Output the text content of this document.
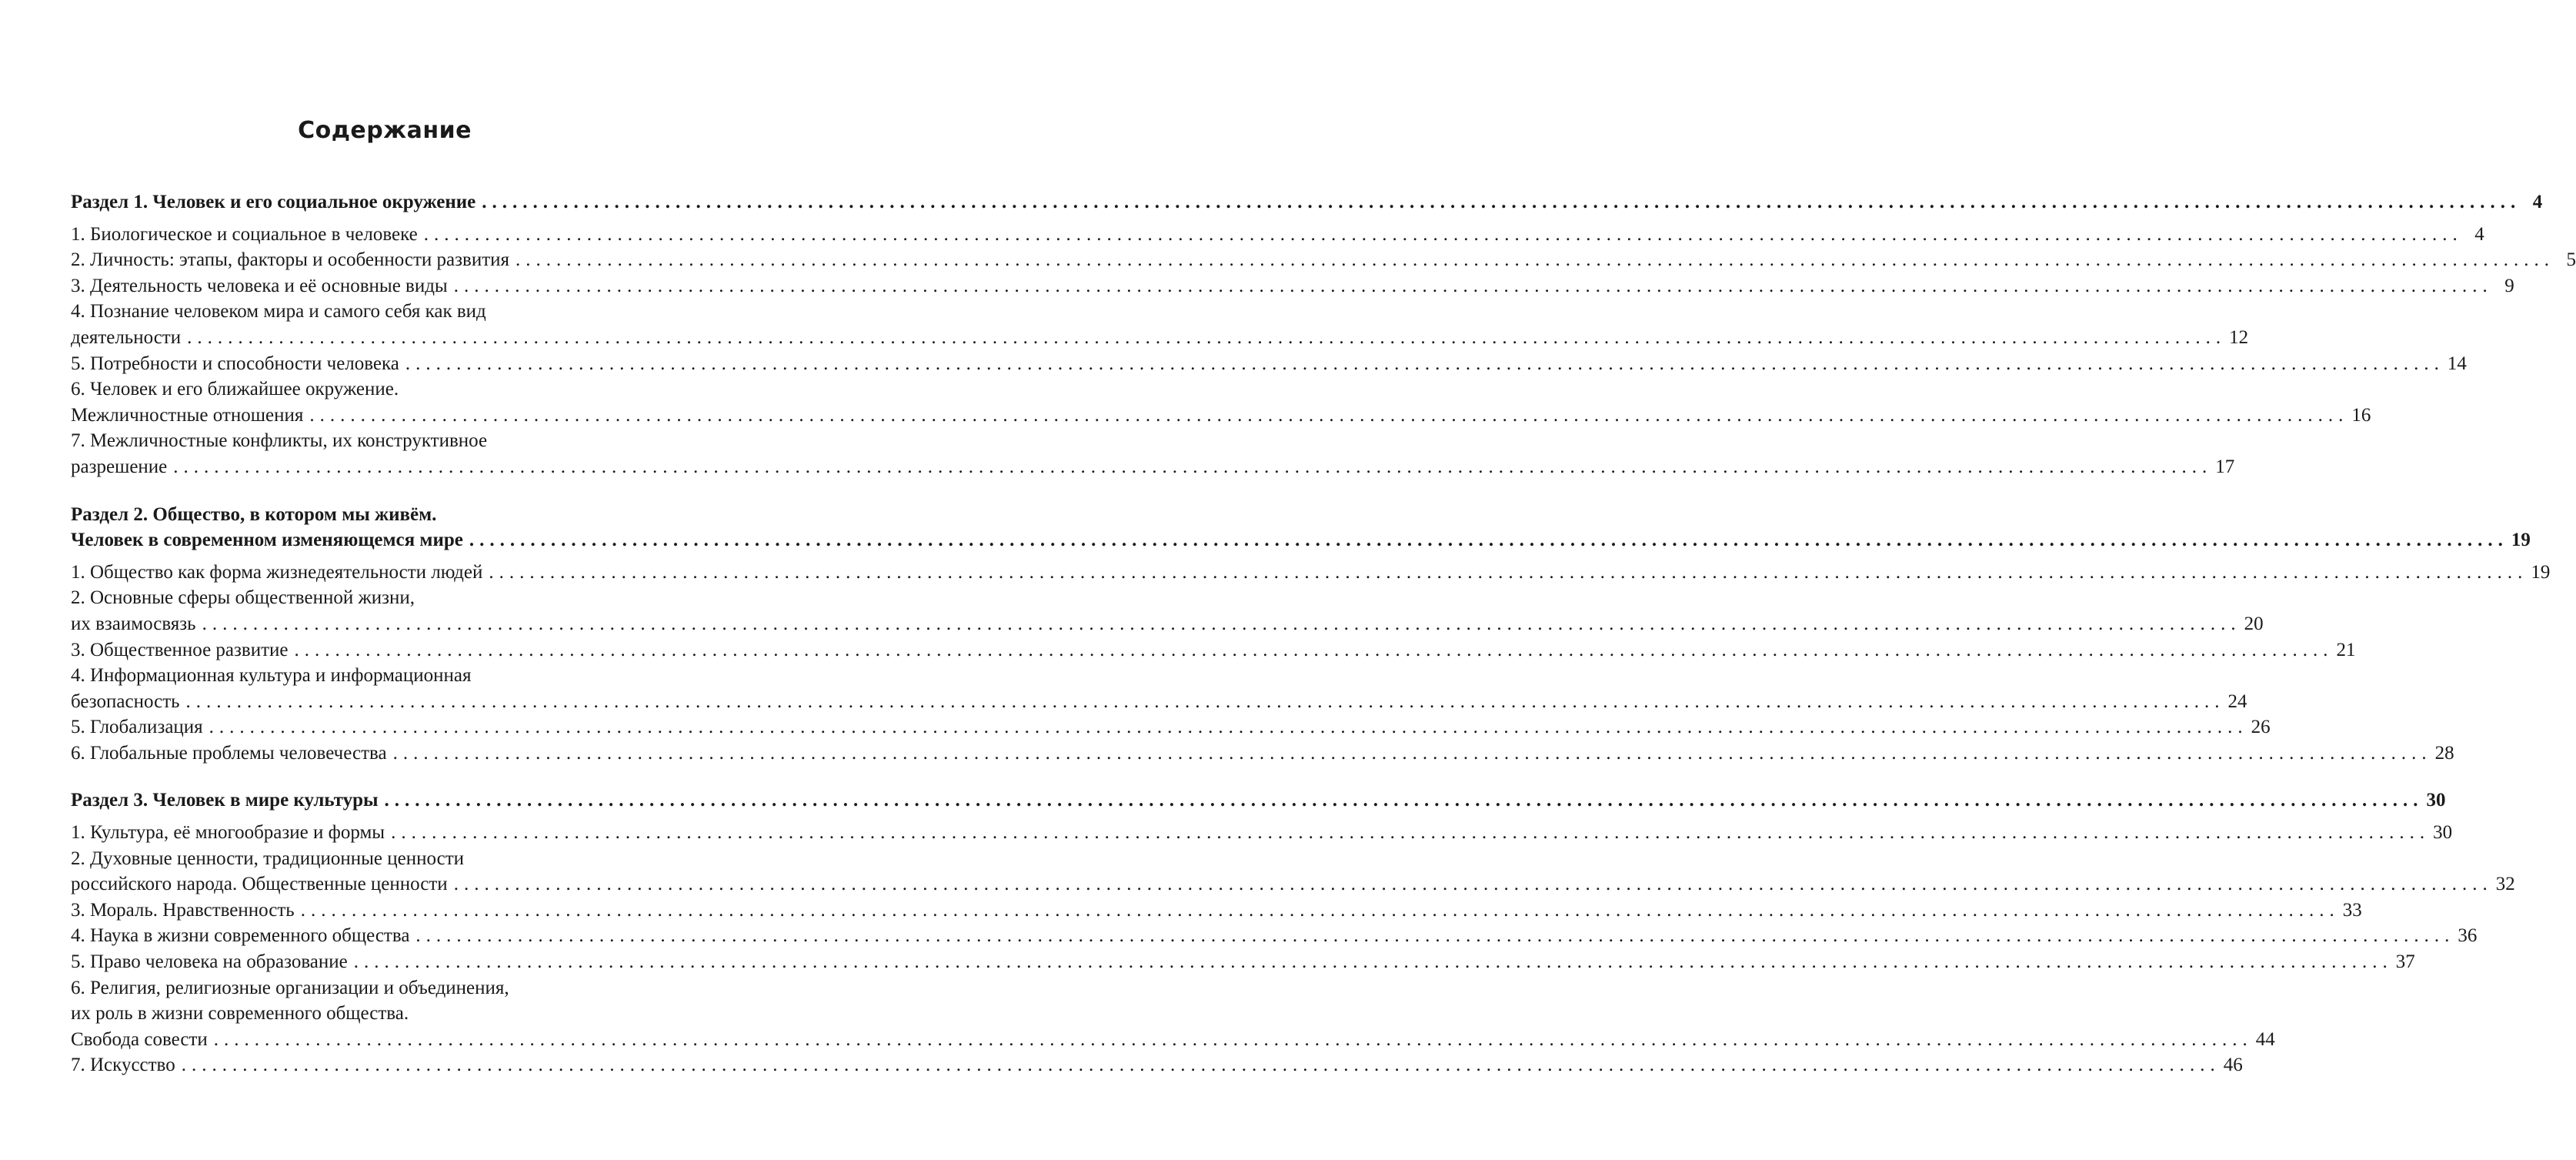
Содержание
Раздел 1. Человек и его социальное окружение ........................................................................................................................................................................................................ 4
1. Биологическое и социальное в человеке ........................................................................................................................................................................................................ 4
2. Личность: этапы, факторы и особенности развития ........................................................................................................................................................................................................ 5
3. Деятельность человека и её основные виды ........................................................................................................................................................................................................ 9
4. Познание человеком мира и самого себя как вид
деятельности ........................................................................................................................................................................................................ 12
5. Потребности и способности человека ........................................................................................................................................................................................................ 14
6. Человек и его ближайшее окружение.
Межличностные отношения ........................................................................................................................................................................................................ 16
7. Межличностные конфликты, их конструктивное
разрешение ........................................................................................................................................................................................................ 17
Раздел 2. Общество, в котором мы живём.
Человек в современном изменяющемся мире ........................................................................................................................................................................................................ 19
1. Общество как форма жизнедеятельности людей ........................................................................................................................................................................................................ 19
2. Основные сферы общественной жизни,
их взаимосвязь ........................................................................................................................................................................................................ 20
3. Общественное развитие ........................................................................................................................................................................................................ 21
4. Информационная культура и информационная
безопасность ........................................................................................................................................................................................................ 24
5. Глобализация ........................................................................................................................................................................................................ 26
6. Глобальные проблемы человечества ........................................................................................................................................................................................................ 28
Раздел 3. Человек в мире культуры ........................................................................................................................................................................................................ 30
1. Культура, её многообразие и формы ........................................................................................................................................................................................................ 30
2. Духовные ценности, традиционные ценности
российского народа. Общественные ценности ........................................................................................................................................................................................................ 32
3. Мораль. Нравственность ........................................................................................................................................................................................................ 33
4. Наука в жизни современного общества ........................................................................................................................................................................................................ 36
5. Право человека на образование ........................................................................................................................................................................................................ 37
6. Религия, религиозные организации и объединения,
их роль в жизни современного общества.
Свобода совести ........................................................................................................................................................................................................ 44
7. Искусство ........................................................................................................................................................................................................ 46
